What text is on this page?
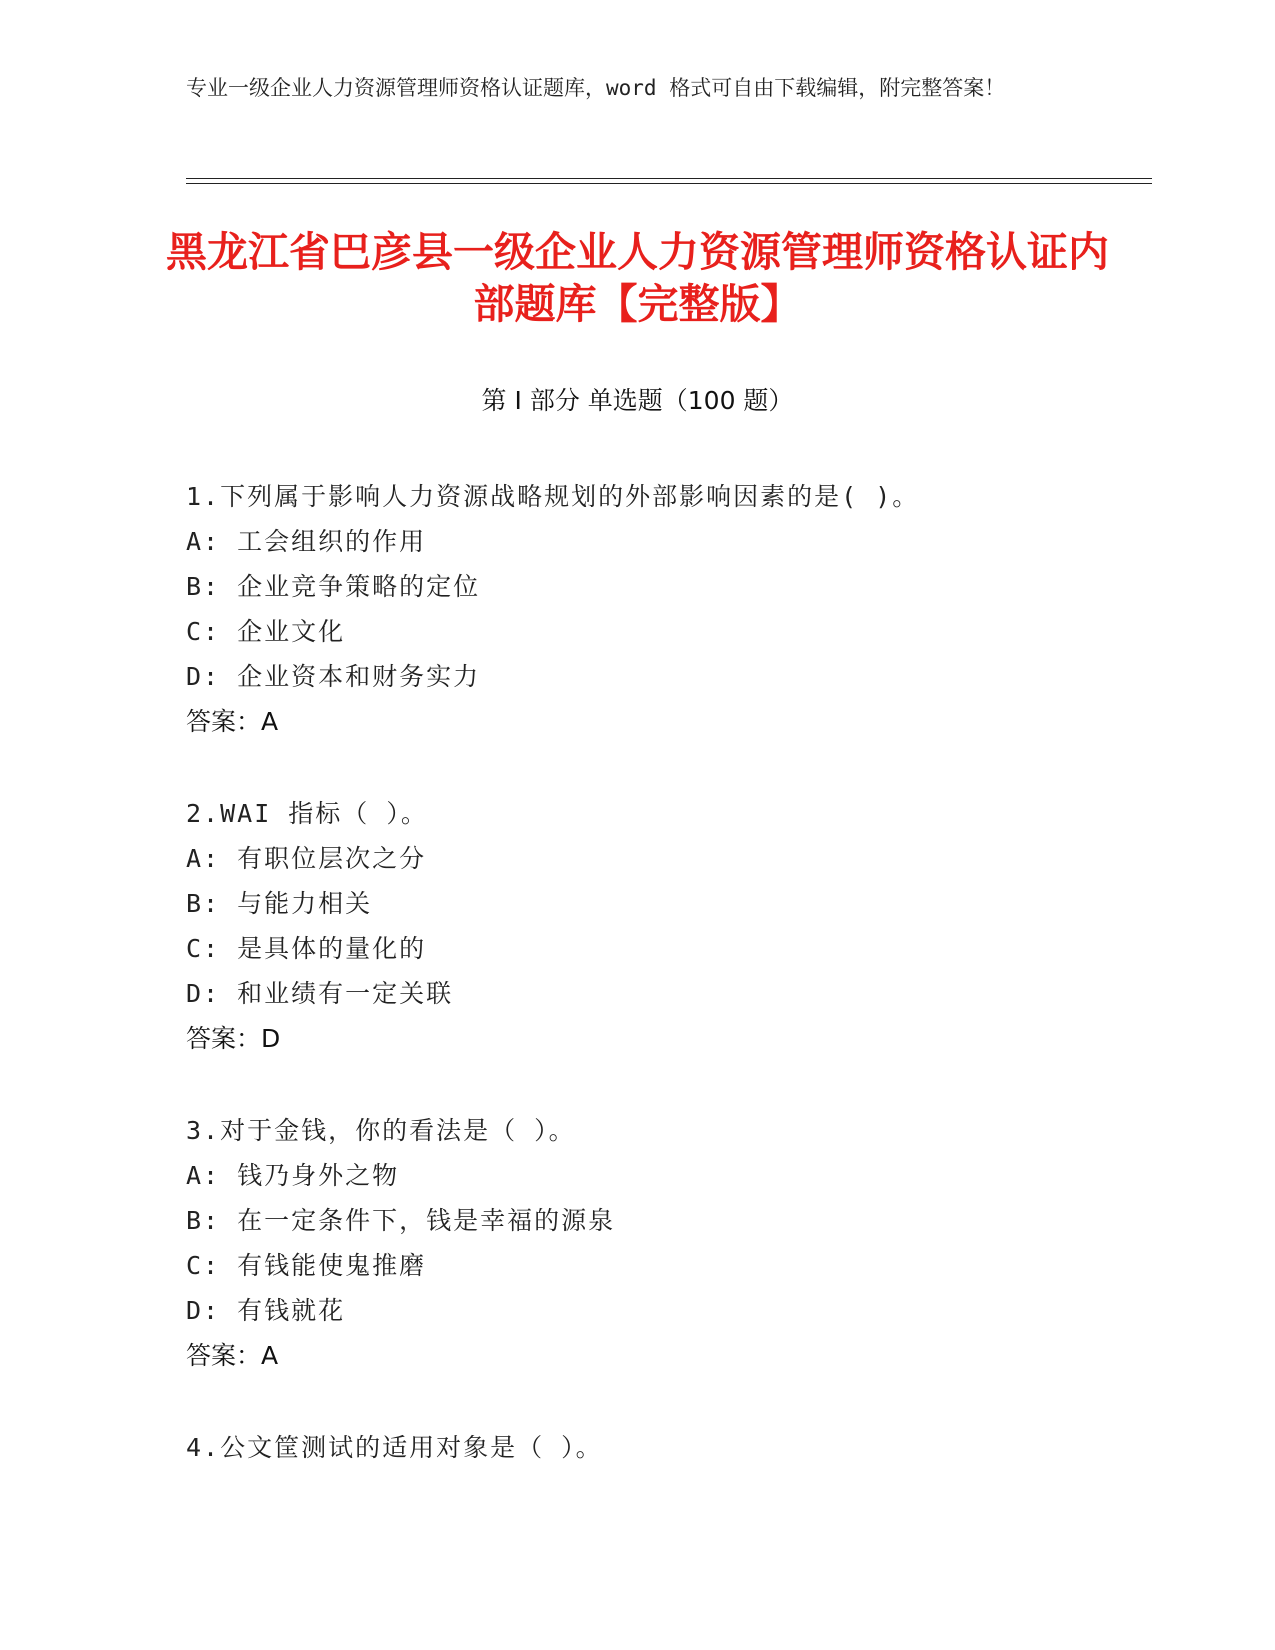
专业一级企业人力资源管理师资格认证题库，word 格式可自由下载编辑，附完整答案！
黑龙江省巴彦县一级企业人力资源管理师资格认证内部题库【完整版】
第 I 部分 单选题（100 题）
1.下列属于影响人力资源战略规划的外部影响因素的是( )。
A: 工会组织的作用
B: 企业竞争策略的定位
C: 企业文化
D: 企业资本和财务实力
答案：A
2.WAI 指标（ ）。
A: 有职位层次之分
B: 与能力相关
C: 是具体的量化的
D: 和业绩有一定关联
答案：D
3.对于金钱，你的看法是（ ）。
A: 钱乃身外之物
B: 在一定条件下，钱是幸福的源泉
C: 有钱能使鬼推磨
D: 有钱就花
答案：A
4.公文筐测试的适用对象是（ ）。
